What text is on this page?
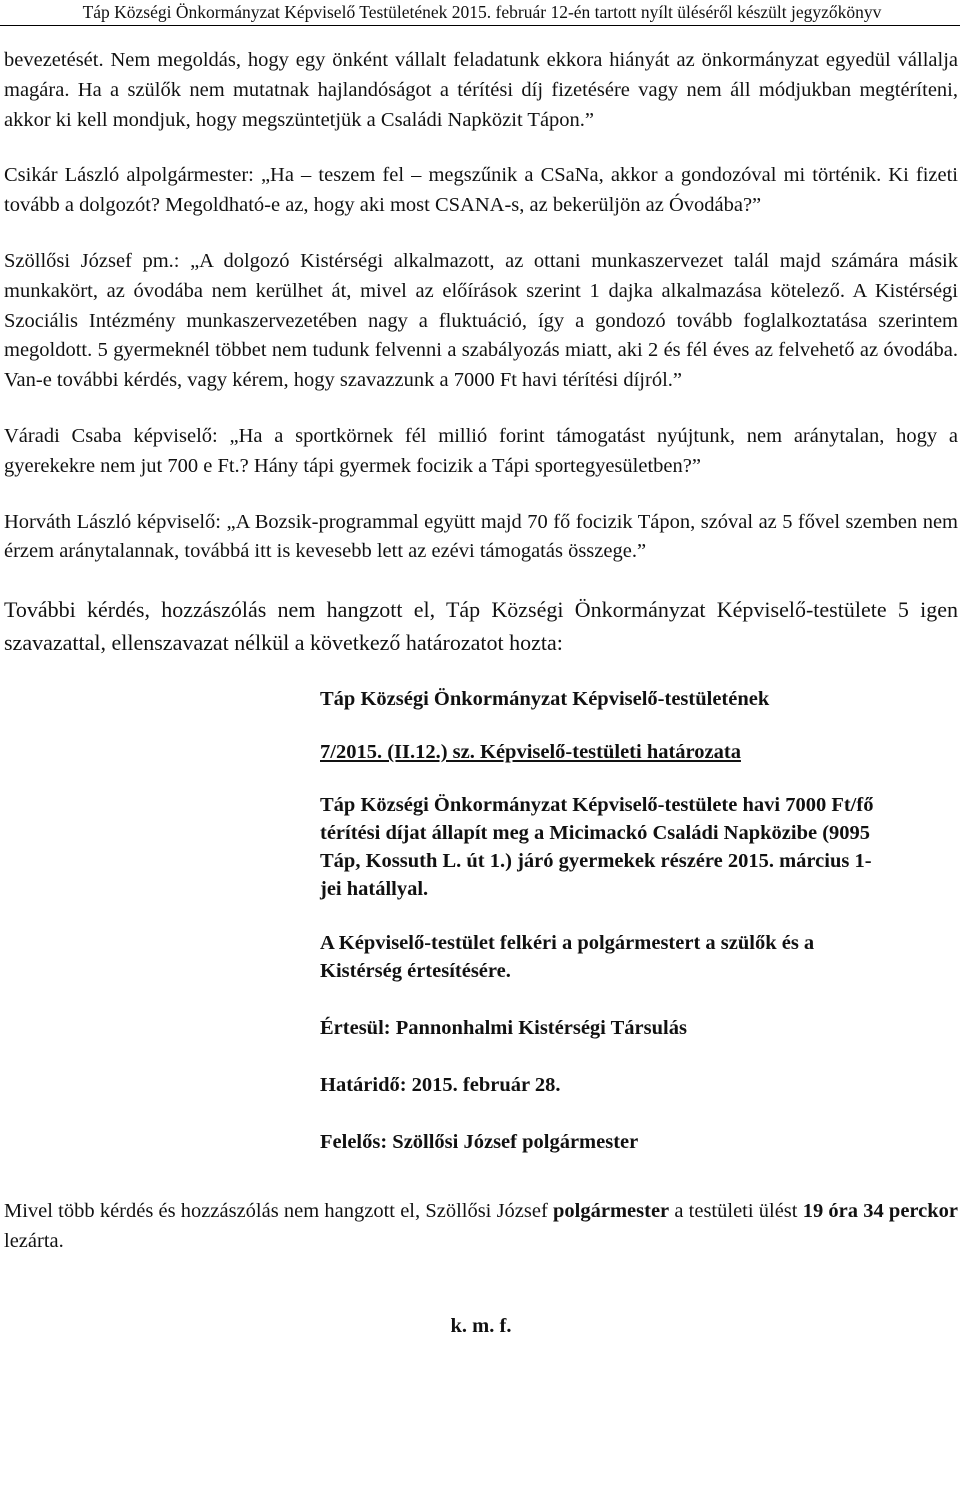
Táp Községi Önkormányzat Képviselő Testületének 2015. február 12-én tartott nyílt üléséről készült jegyzőkönyv

bevezetését. Nem megoldás, hogy egy önként vállalt feladatunk ekkora hiányát az önkormányzat egyedül vállalja magára. Ha a szülők nem mutatnak hajlandóságot a térítési díj fizetésére vagy nem áll módjukban megtéríteni, akkor ki kell mondjuk, hogy megszüntetjük a Családi Napközit Tápon.”

Csikár László alpolgármester: „Ha – teszem fel – megszűnik a CSaNa, akkor a gondozóval mi történik. Ki fizeti tovább a dolgozót? Megoldható-e az, hogy aki most CSANA-s, az bekerüljön az Óvodába?”

Szöllősi József pm.: „A dolgozó Kistérségi alkalmazott, az ottani munkaszervezet talál majd számára másik munkakört, az óvodába nem kerülhet át, mivel az előírások szerint 1 dajka alkalmazása kötelező. A Kistérségi Szociális Intézmény munkaszervezetében nagy a fluktuáció, így a gondozó tovább foglalkoztatása szerintem megoldott. 5 gyermeknél többet nem tudunk felvenni a szabályozás miatt, aki 2 és fél éves az felvehető az óvodába. Van-e további kérdés, vagy kérem, hogy szavazzunk a 7000 Ft havi térítési díjról.”

Váradi Csaba képviselő: „Ha a sportkörnek fél millió forint támogatást nyújtunk, nem aránytalan, hogy a gyerekekre nem jut 700 e Ft.? Hány tápi gyermek focizik a Tápi sportegyesületben?”

Horváth László képviselő: „A Bozsik-programmal együtt majd 70 fő focizik Tápon, szóval az 5 fővel szemben nem érzem aránytalannak, továbbá itt is kevesebb lett az ezévi támogatás összege.”

További kérdés, hozzászólás nem hangzott el, Táp Községi Önkormányzat Képviselő-testülete 5 igen szavazattal, ellenszavazat nélkül a következő határozatot hozta:

Táp Községi Önkormányzat Képviselő-testületének

7/2015. (II.12.) sz. Képviselő-testületi határozata

Táp Községi Önkormányzat Képviselő-testülete havi 7000 Ft/fő térítési díjat állapít meg a Micimackó Családi Napközibe (9095 Táp, Kossuth L. út 1.) járó gyermekek részére 2015. március 1-jei hatállyal.

A Képviselő-testület felkéri a polgármestert a szülők és a Kistérség értesítésére.

Értesül: Pannonhalmi Kistérségi Társulás

Határidő: 2015. február 28.

Felelős: Szöllősi József polgármester

Mivel több kérdés és hozzászólás nem hangzott el, Szöllősi József polgármester a testületi ülést 19 óra 34 perckor lezárta.

k. m. f.
